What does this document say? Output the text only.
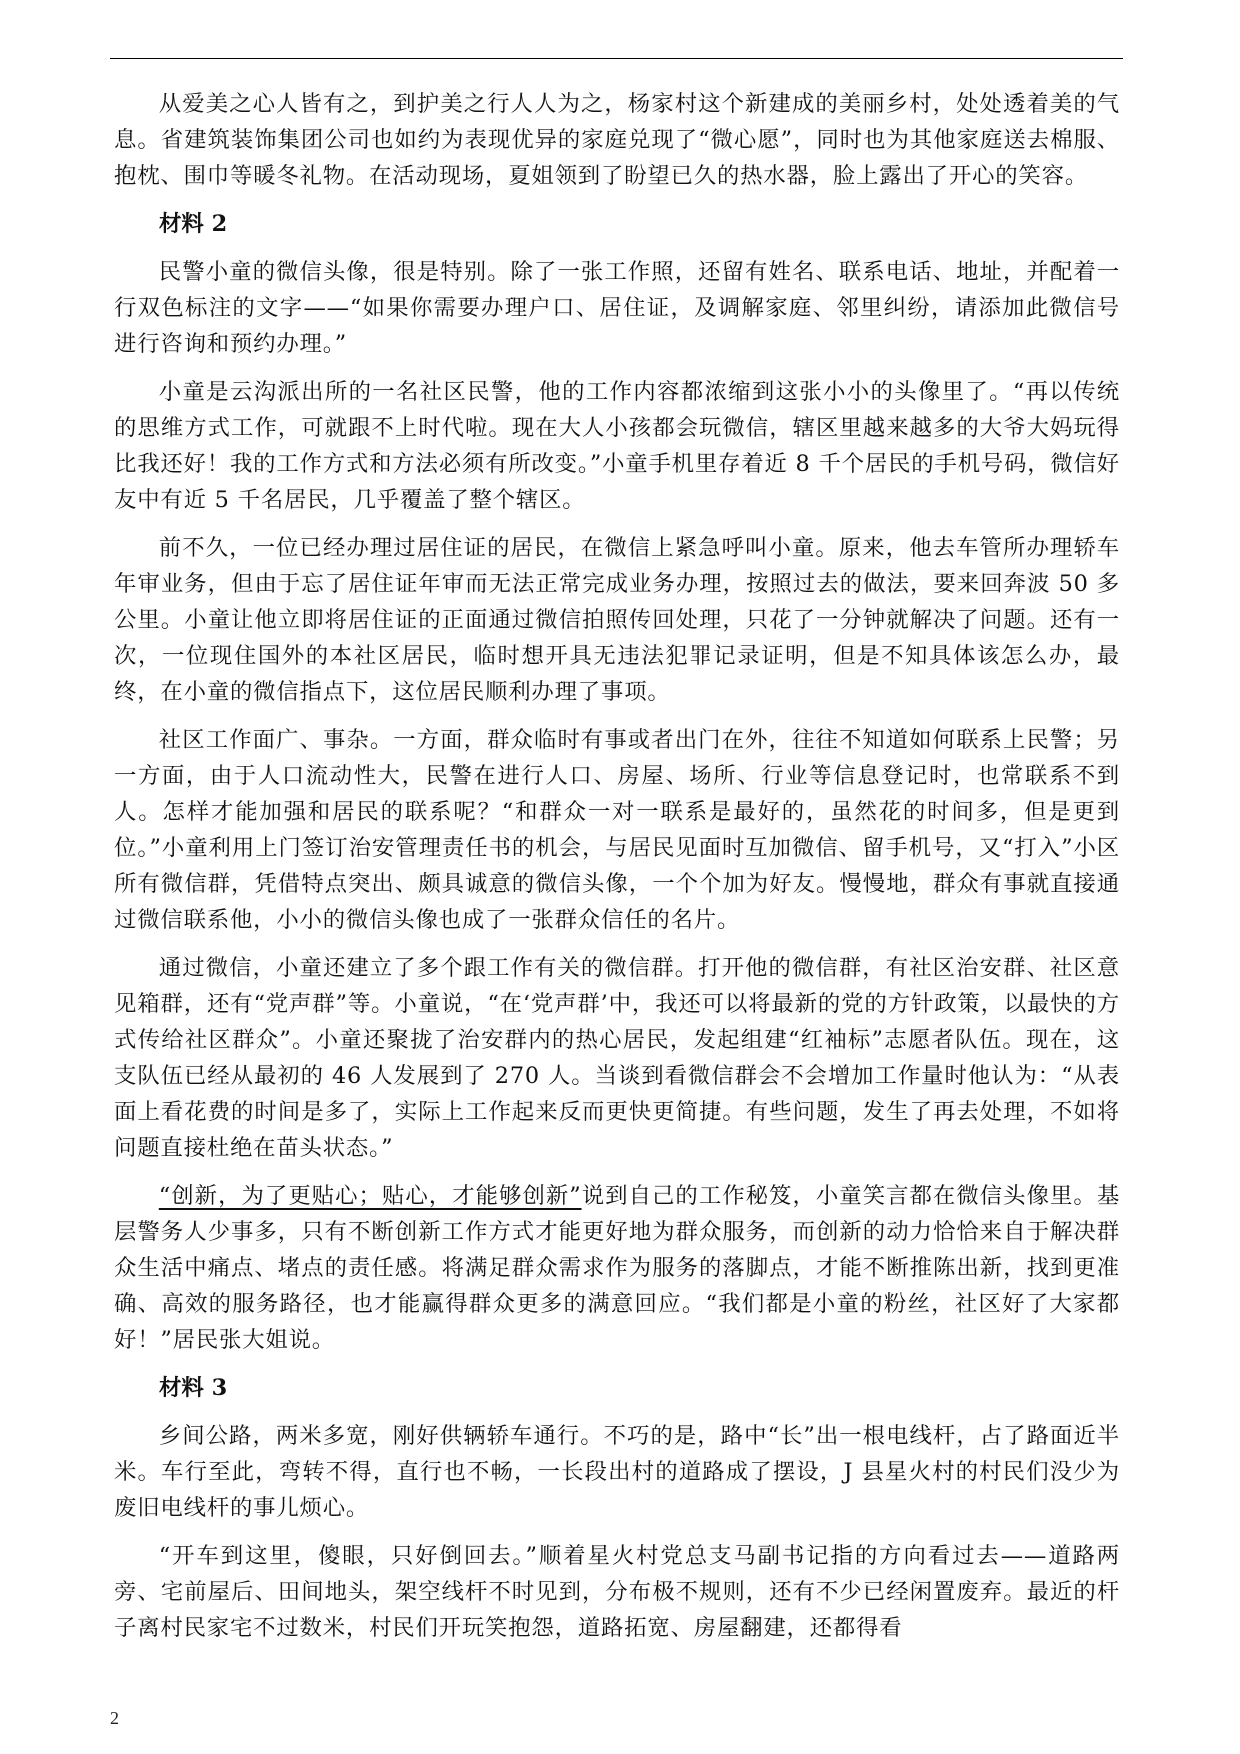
从爱美之心人皆有之，到护美之行人人为之，杨家村这个新建成的美丽乡村，处处透着美的气息。省建筑装饰集团公司也如约为表现优异的家庭兑现了“微心愿”，同时也为其他家庭送去棉服、抱枕、围巾等暖冬礼物。在活动现场，夏姐领到了盼望已久的热水器，脸上露出了开心的笑容。

材料 2

民警小童的微信头像，很是特别。除了一张工作照，还留有姓名、联系电话、地址，并配着一行双色标注的文字——“如果你需要办理户口、居住证，及调解家庭、邻里纠纷，请添加此微信号进行咨询和预约办理。”

小童是云沟派出所的一名社区民警，他的工作内容都浓缩到这张小小的头像里了。“再以传统的思维方式工作，可就跟不上时代啦。现在大人小孩都会玩微信，辖区里越来越多的大爷大妈玩得比我还好！我的工作方式和方法必须有所改变。”小童手机里存着近 8 千个居民的手机号码，微信好友中有近 5 千名居民，几乎覆盖了整个辖区。

前不久，一位已经办理过居住证的居民，在微信上紧急呼叫小童。原来，他去车管所办理轿车年审业务，但由于忘了居住证年审而无法正常完成业务办理，按照过去的做法，要来回奔波 50 多公里。小童让他立即将居住证的正面通过微信拍照传回处理，只花了一分钟就解决了问题。还有一次，一位现住国外的本社区居民，临时想开具无违法犯罪记录证明，但是不知具体该怎么办，最终，在小童的微信指点下，这位居民顺利办理了事项。

社区工作面广、事杂。一方面，群众临时有事或者出门在外，往往不知道如何联系上民警；另一方面，由于人口流动性大，民警在进行人口、房屋、场所、行业等信息登记时，也常联系不到人。怎样才能加强和居民的联系呢？“和群众一对一联系是最好的，虽然花的时间多，但是更到位。”小童利用上门签订治安管理责任书的机会，与居民见面时互加微信、留手机号，又“打入”小区所有微信群，凭借特点突出、颇具诚意的微信头像，一个个加为好友。慢慢地，群众有事就直接通过微信联系他，小小的微信头像也成了一张群众信任的名片。

通过微信，小童还建立了多个跟工作有关的微信群。打开他的微信群，有社区治安群、社区意见箱群，还有“党声群”等。小童说，“在‘党声群’中，我还可以将最新的党的方针政策，以最快的方式传给社区群众”。小童还聚拢了治安群内的热心居民，发起组建“红袖标”志愿者队伍。现在，这支队伍已经从最初的 46 人发展到了 270 人。当谈到看微信群会不会增加工作量时他认为：“从表面上看花费的时间是多了，实际上工作起来反而更快更简捷。有些问题，发生了再去处理，不如将问题直接杜绝在苗头状态。”

“创新，为了更贴心；贴心，才能够创新”说到自己的工作秘笈，小童笑言都在微信头像里。基层警务人少事多，只有不断创新工作方式才能更好地为群众服务，而创新的动力恰恰来自于解决群众生活中痛点、堵点的责任感。将满足群众需求作为服务的落脚点，才能不断推陈出新，找到更准确、高效的服务路径，也才能赢得群众更多的满意回应。“我们都是小童的粉丝，社区好了大家都好！”居民张大姐说。

材料 3

乡间公路，两米多宽，刚好供辆轿车通行。不巧的是，路中“长”出一根电线杆，占了路面近半米。车行至此，弯转不得，直行也不畅，一长段出村的道路成了摆设，J 县星火村的村民们没少为废旧电线杆的事儿烦心。

“开车到这里，傻眼，只好倒回去。”顺着星火村党总支马副书记指的方向看过去——道路两旁、宅前屋后、田间地头，架空线杆不时见到，分布极不规则，还有不少已经闲置废弃。最近的杆子离村民家宅不过数米，村民们开玩笑抱怨，道路拓宽、房屋翻建，还都得看

2
